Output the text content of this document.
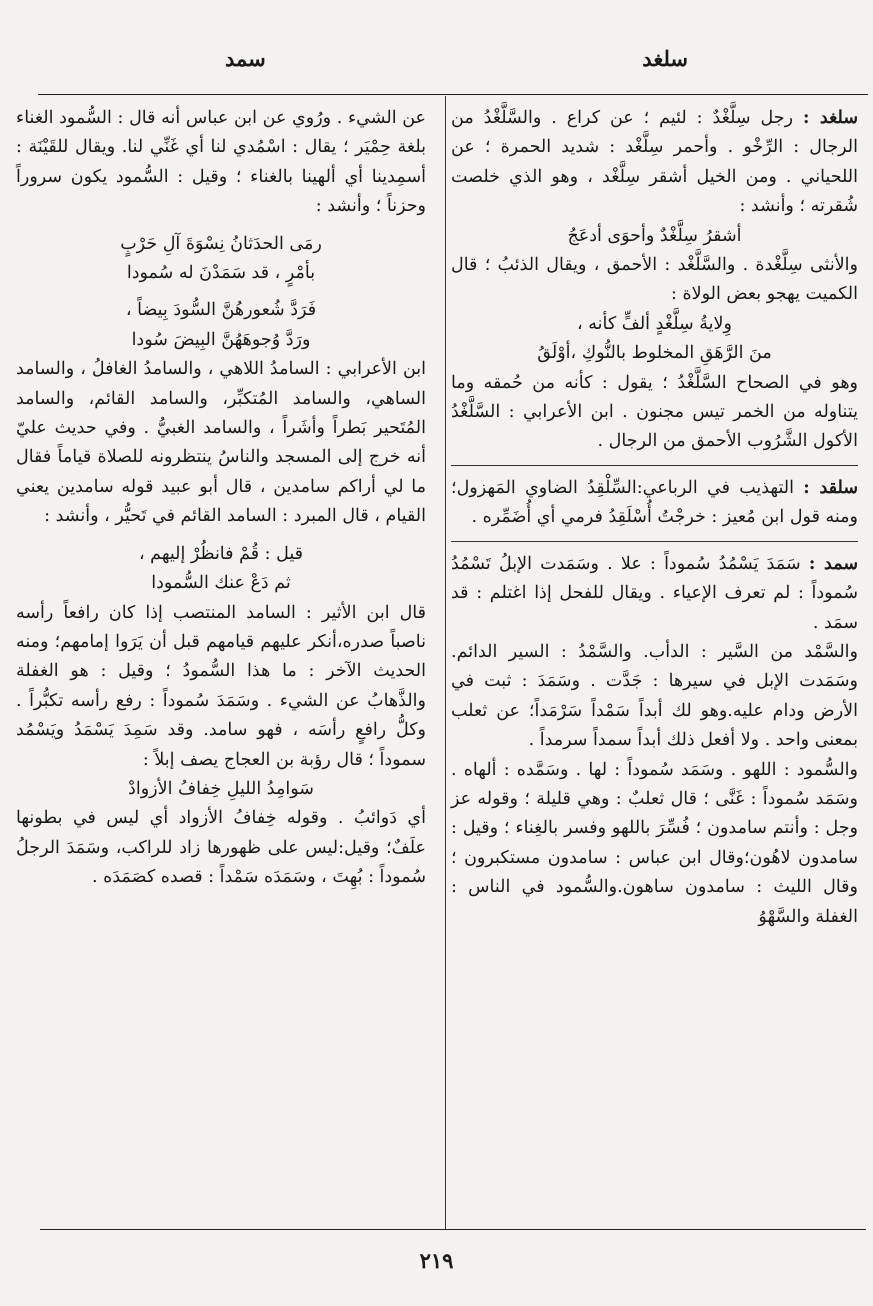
سلغد
سمد

سلغد : رجل سِلَّغْدٌ : لئيم ؛ عن كراع . والسَّلَّغْدُ من الرجال : الرِّخْو . وأحمر سِلَّغْد : شديد الحمرة ؛ عن اللحياني . ومن الخيل أشقر سِلَّغْد ، وهو الذي خلصت شُقرته ؛ وأنشد :

أشقرُ سِلَّغْدٌ وأحوَى أدعَجُ

والأنثى سِلَّغْدة . والسَّلَّغْد : الأحمق ، ويقال الذئبُ ؛ قال الكميت يهجو بعض الولاة :

وِلايةُ سِلَّغْدٍ ألفٍّ كأنه ،

منَ الرَّهَقِ المخلوط بالنُّوكِ ،أوْلَقُ

وهو في الصحاح السَّلَّغْدُ ؛ يقول : كأنه من حُمقه وما يتناوله من الخمر تيس مجنون . ابن الأعرابي : السَّلَّغْدُ الأكول الشَّرُوب الأحمق من الرجال .

سلقد : التهذيب في الرباعي:السِّلْقِدُ الضاوي المَهزول؛ ومنه قول ابن مُعيز : خرجْتُ أُسْلَقِدُ فرمي أي أُضَمِّره .

سمد : سَمَدَ يَسْمُدُ سُموداً : علا . وسَمَدت الإبلُ تَسْمُدُ سُموداً : لم تعرف الإعياء . ويقال للفحل إذا اغتلم : قد سمَد .

والسَّمْد من السَّير : الدأب. والسَّمْدُ : السير الدائم. وسَمَدت الإبل في سيرها : جَدَّت . وسَمَدَ : ثبت في الأرض ودام عليه.وهو لك أبداً سَمْداً سَرْمَداً؛ عن ثعلب بمعنى واحد . ولا أفعل ذلك أبداً سمداً سرمداً .

والسُّمود : اللهو . وسَمَد سُموداً : لها . وسَمَّده : ألهاه . وسَمَد سُموداً : غَنَّى ؛ قال ثعلبٌ : وهي قليلة ؛ وقوله عز وجل : وأنتم سامدون ؛ فُسِّرَ باللهو وفسر بالغِناء ؛ وقيل : سامدون لاهُون؛وقال ابن عباس : سامدون مستكبرون ؛ وقال الليث : سامدون ساهون.والسُّمود في الناس : الغفلة والسَّهْوُ

عن الشيء . ورُوي عن ابن عباس أنه قال : السُّمود الغناء بلغة حِمْيَر ؛ يقال : اسْمُدي لنا أي غَنِّي لنا. ويقال للقَيْنَة : أسمِدينا أي ألهينا بالغناء ؛ وقيل : السُّمود يكون سروراً وحزناً ؛ وأنشد :

رمَى الحدَثانُ نِسْوَةَ آلِ حَرْبٍ

بأمْرٍ ، قد سَمَدْنَ له سُمودا

فَرَدَّ شُعورهُنَّ السُّودَ بِيضاً ،

ورَدَّ وُجوهَهُنَّ البِيضَ سُودا

ابن الأعرابي : السامدُ اللاهي ، والسامدُ الغافلُ ، والسامد الساهي، والسامد المُتكبِّر، والسامد القائم، والسامد المُتَحير بَطراً وأشَراً ، والسامد الغبيُّ . وفي حديث عليّ أنه خرج إلى المسجد والناسُ ينتظرونه للصلاة قياماً فقال ما لي أراكم سامدين ، قال أبو عبيد قوله سامدين يعني القيام ، قال المبرد : السامد القائم في تَحيُّر ، وأنشد :

قيل : قُمْ فانظُرْ إليهم ،

ثم دَعْ عنك السُّمودا

قال ابن الأثير : السامد المنتصب إذا كان رافعاً رأسه ناصباً صدره،أنكر عليهم قيامهم قبل أن يَرَوا إمامهم؛ ومنه الحديث الآخر : ما هذا السُّمودُ ؛ وقيل : هو الغفلة والذَّهابُ عن الشيء . وسَمَدَ سُموداً : رفع رأسه تكبُّراً . وكلُّ رافعٍ رأسَه ، فهو سامد. وقد سَمِدَ يَسْمَدُ ويَسْمُد سموداً ؛ قال رؤبة بن العجاج يصف إبلاً :

سَوامِدُ الليلِ خِفافُ الأزوادْ

أي دَوائبُ . وقوله خِفافُ الأزواد أي ليس في بطونها علَفٌ؛ وقيل:ليس على ظهورها زاد للراكب، وسَمَدَ الرجلُ سُموداً : بُهِتَ ، وسَمَدَه سَمْداً : قصده كصَمَدَه .

٢١٩
